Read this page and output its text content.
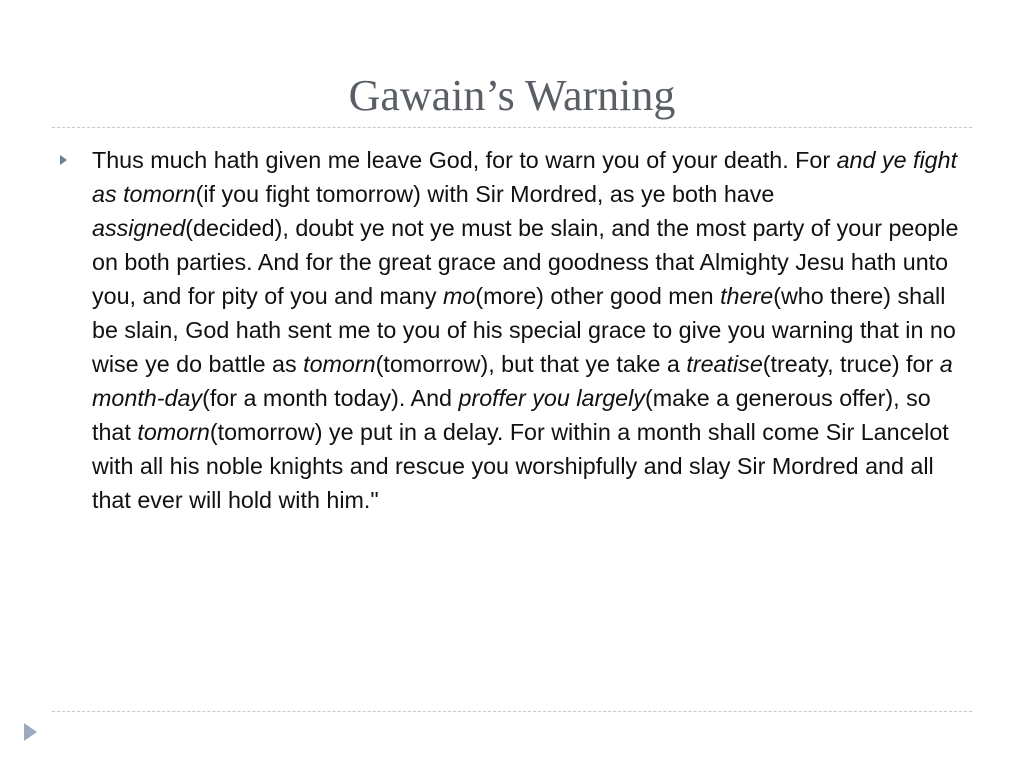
Gawain’s Warning

Thus much hath given me leave God, for to warn you of your death. For and ye fight as tomorn(if you fight tomorrow) with Sir Mordred, as ye both have assigned(decided), doubt ye not ye must be slain, and the most party of your people on both parties. And for the great grace and goodness that Almighty Jesu hath unto you, and for pity of you and many mo(more) other good men there(who there) shall be slain, God hath sent me to you of his special grace to give you warning that in no wise ye do battle as tomorn(tomorrow), but that ye take a treatise(treaty, truce) for a month-day(for a month today). And proffer you largely(make a generous offer), so that tomorn(tomorrow) ye put in a delay. For within a month shall come Sir Lancelot with all his noble knights and rescue you worshipfully and slay Sir Mordred and all that ever will hold with him."
